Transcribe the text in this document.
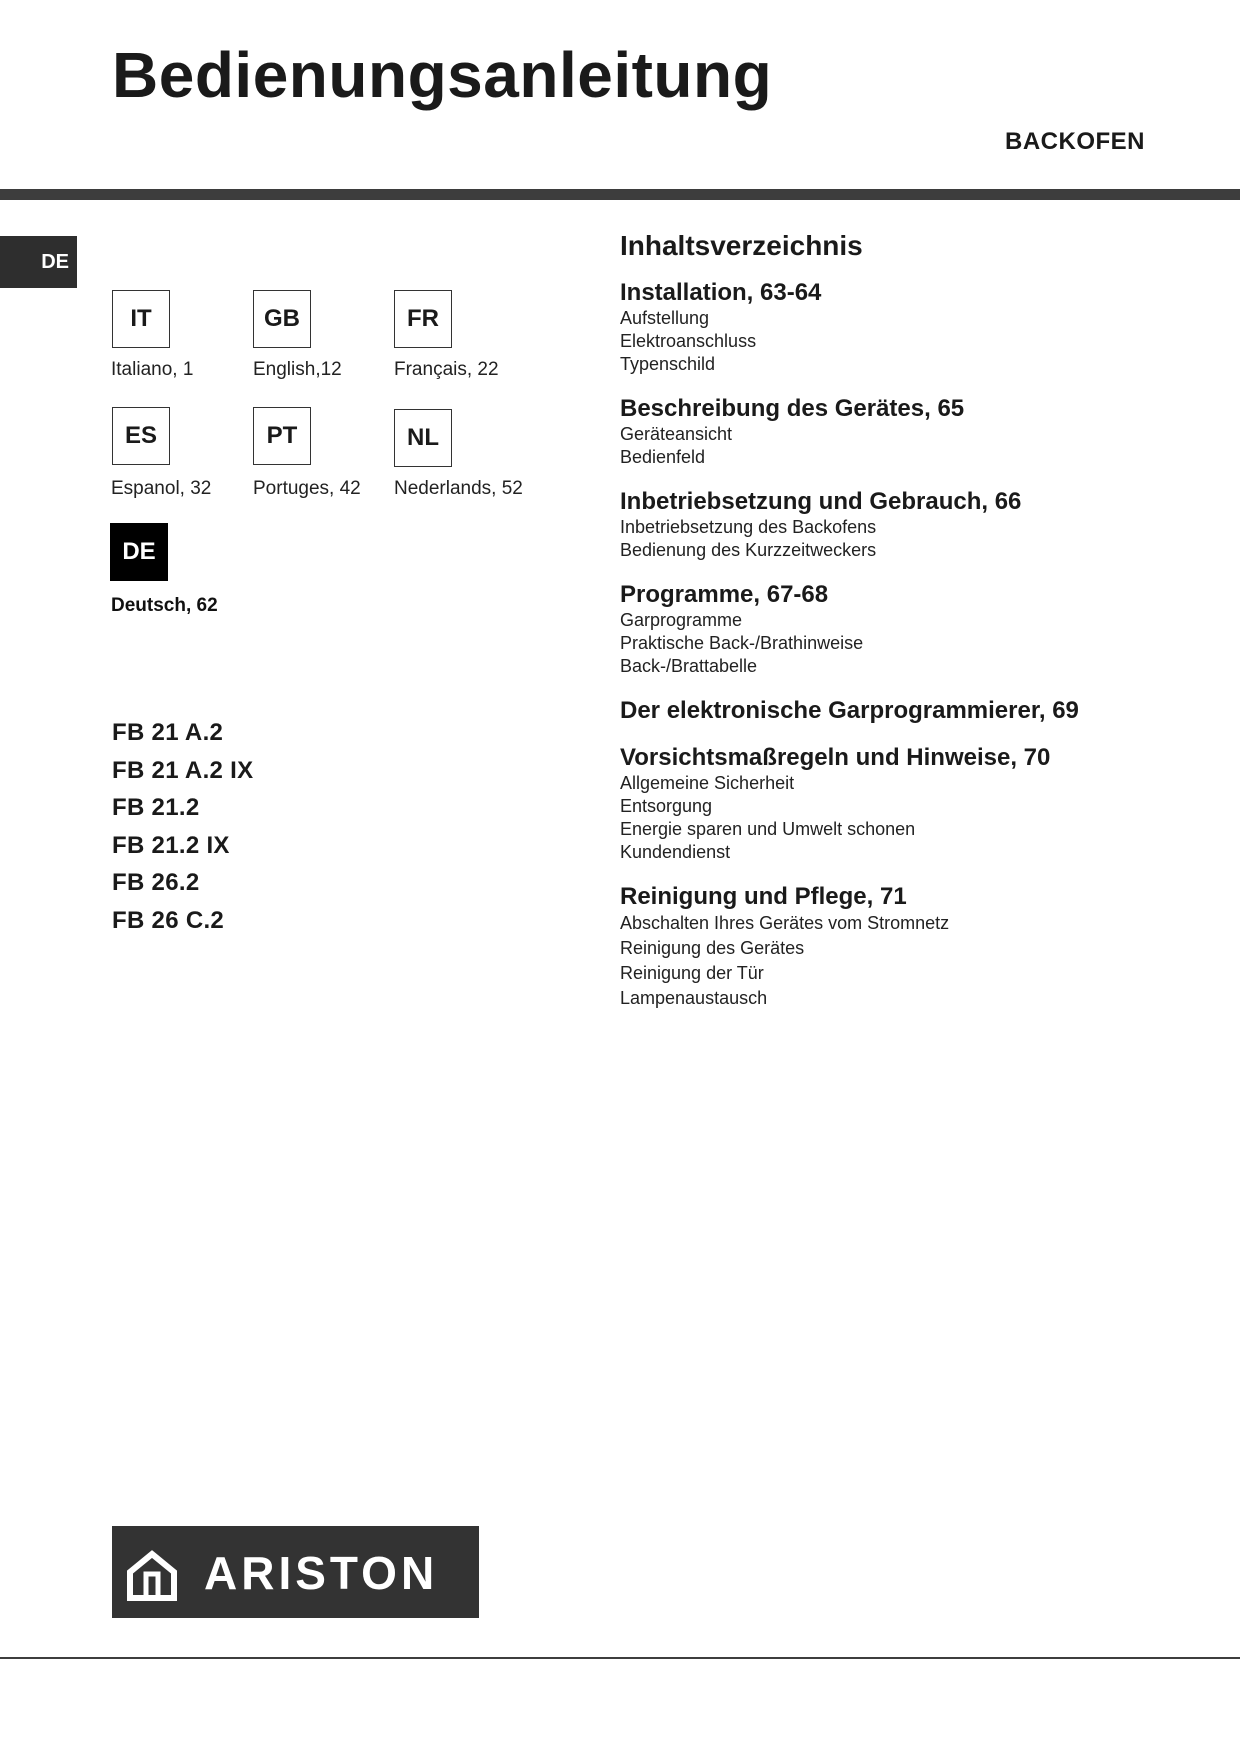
Bedienungsanleitung
BACKOFEN
DE
IT
Italiano, 1
GB
English,12
FR
Français, 22
ES
Espanol, 32
PT
Portuges, 42
NL
Nederlands, 52
DE
Deutsch, 62
FB 21 A.2
FB 21 A.2 IX
FB 21.2
FB 21.2 IX
FB 26.2
FB 26 C.2
Inhaltsverzeichnis
Installation, 63-64
Aufstellung
Elektroanschluss
Typenschild
Beschreibung des Gerätes, 65
Geräteansicht
Bedienfeld
Inbetriebsetzung und Gebrauch, 66
Inbetriebsetzung des Backofens
Bedienung des Kurzzeitweckers
Programme, 67-68
Garprogramme
Praktische Back-/Brathinweise
Back-/Brattabelle
Der elektronische Garprogrammierer, 69
Vorsichtsmaßregeln und Hinweise, 70
Allgemeine Sicherheit
Entsorgung
Energie sparen und Umwelt schonen
Kundendienst
Reinigung und Pflege, 71
Abschalten Ihres Gerätes vom Stromnetz
Reinigung des Gerätes
Reinigung der Tür
Lampenaustausch
ARISTON
